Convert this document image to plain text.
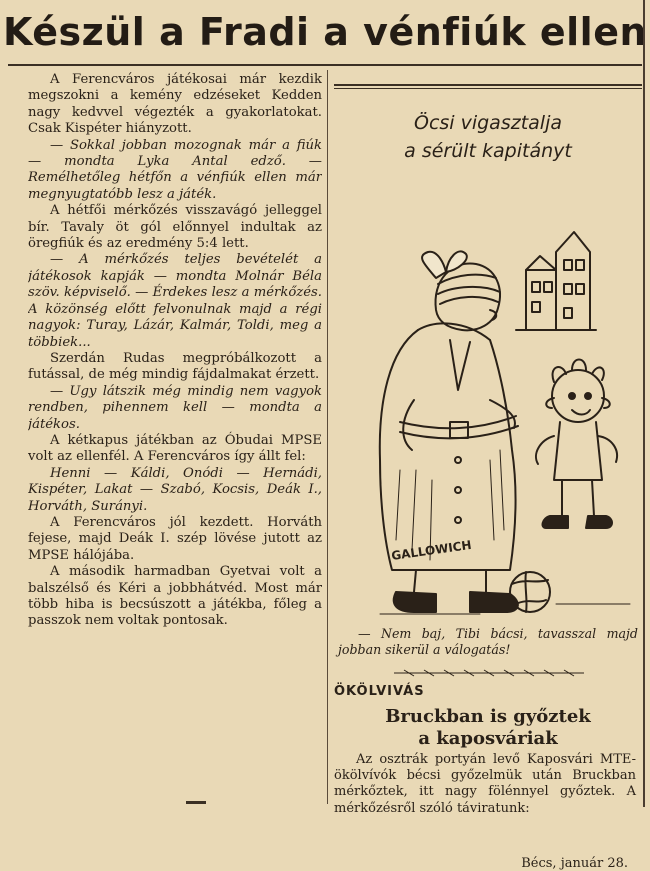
Készül a Fradi a vénfiúk ellen

A Ferencváros játékosai már kezdik megszokni a kemény edzéseket Kedden nagy kedvvel végezték a gyakorlatokat. Csak Kispéter hiányzott.

— Sokkal jobban mozognak már a fiúk — mondta Lyka Antal edző. — Remélhetőleg hétfőn a vénfiúk ellen már megnyugtatóbb lesz a játék.

A hétfői mérkőzés visszavágó jelleggel bír. Tavaly öt gól előnnyel indultak az öregfiúk és az eredmény 5:4 lett.

— A mérkőzés teljes bevételét a játékosok kapják — mondta Molnár Béla szöv. képviselő. — Érdekes lesz a mérkőzés. A közönség előtt felvonulnak majd a régi nagyok: Turay, Lázár, Kalmár, Toldi, meg a többiek...

Szerdán Rudas megpróbálkozott a futással, de még mindig fájdalmakat érzett.

— Ugy látszik még mindig nem vagyok rendben, pihennem kell — mondta a játékos.

A kétkapus játékban az Óbudai MPSE volt az ellenfél. A Ferencváros így állt fel:

Henni — Káldi, Onódi — Hernádi, Kispéter, Lakat — Szabó, Kocsis, Deák I., Horváth, Surányi.

A Ferencváros jól kezdett. Horváth fejese, majd Deák I. szép lövése jutott az MPSE hálójába.

A második harmadban Gyetvai volt a balszélső és Kéri a jobbhátvéd. Most már több hiba is becsúszott a játékba, főleg a passzok nem voltak pontosak.

Öcsi vigasztalja
a sérült kapitányt
GALLOWICH
— Nem baj, Tibi bácsi, tavasszal majd jobban sikerül a válogatás!
ÖKÖLVIVÁS
Bruckban is győztek
a kaposváriak

Az osztrák portyán levő Kaposvári MTE-ökölvívók bécsi győzelmük után Bruckban mérkőztek, itt nagy fölénnyel győztek. A mérkőzésről szóló táviratunk:

Bécs, január 28.
